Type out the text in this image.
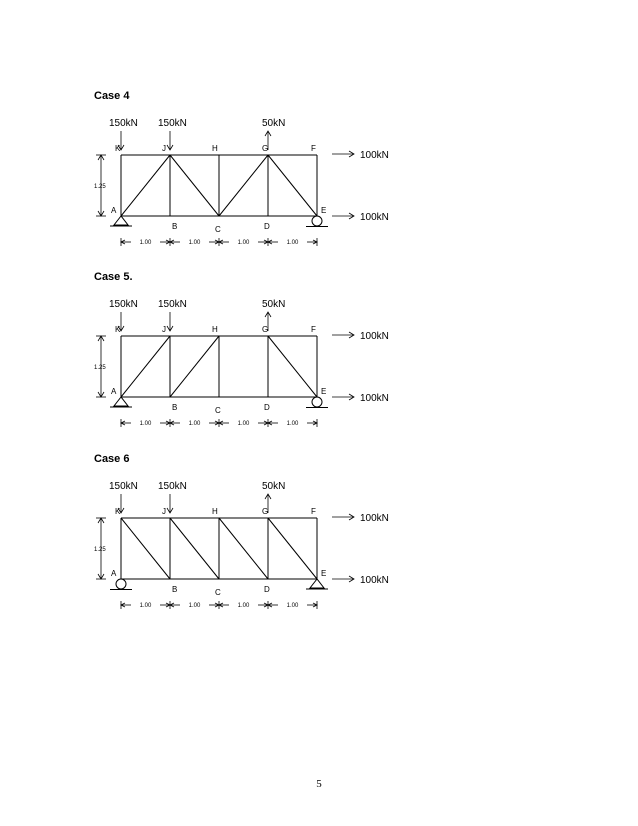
Case 4
K	J	H	G	F
A
B	C	D
E
150kN 150kN	50kN
100kN
100kN
1.25
1.00	1.00	1.00	1.00
Case 5.
K	J	H	G	F
A
B	C	D
E
150kN 150kN	50kN
100kN
100kN
1.25
1.00	1.00	1.00	1.00
Case 6
K	J	H	G	F
A
B	C	D
E
150kN 150kN	50kN
100kN
100kN
1.25
1.00	1.00	1.00	1.00
5
